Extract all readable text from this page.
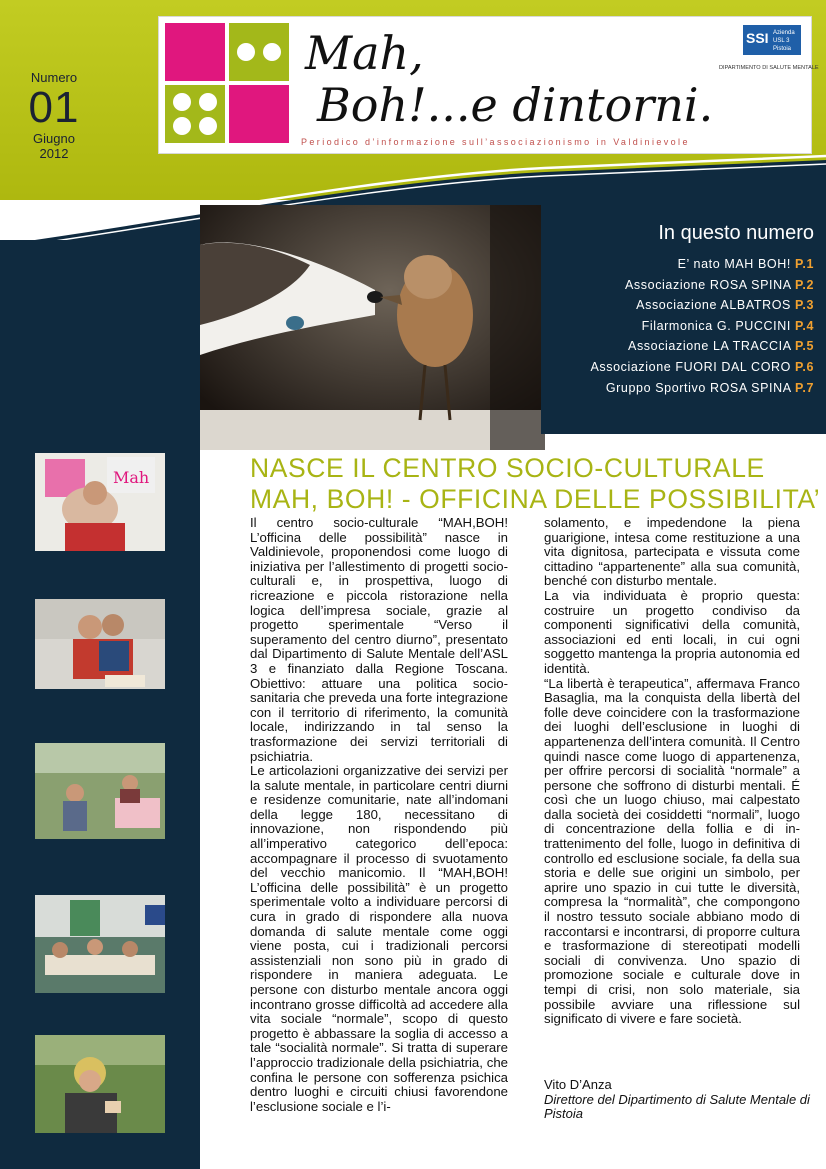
Numero
01
Giugno
2012
Mah,
Boh!...e dintorni.
Periodico d’informazione sull’associazionismo in Valdinievole
SSI Azienda
USL 3
Pistoia
DIPARTIMENTO DI SALUTE MENTALE
In questo numero
E’ nato MAH BOH! P.1
Associazione ROSA SPINA P.2
Associazione ALBATROS P.3
Filarmonica G. PUCCINI P.4
Associazione LA TRACCIA P.5
Associazione FUORI DAL CORO P.6
Gruppo Sportivo ROSA SPINA P.7
Mah	NASCE IL CENTRO SOCIO-CULTURALE
MAH, BOH! - OFFICINA DELLE POSSIBILITA’

Il centro socio-culturale “MAH,BOH! L’officina delle possibilità” nasce in Valdinievole, proponendosi come luogo di iniziativa per l’allestimento di progetti socio-culturali e, in prospettiva, luogo di ricreazione e piccola ristorazione nella logica dell’impresa sociale, grazie al progetto sperimentale “Verso il superamento del centro diurno”, presentato dal Dipartimento di Salute Mentale dell’ASL 3 e finanziato dalla Regione Toscana. Obiettivo: attuare una politica socio-sanitaria che preveda una forte integrazione con il territorio di riferimento, la comunità locale, indirizzando in tal senso la trasformazione dei servizi territoriali di psichiatria.

Le articolazioni organizzative dei servizi per la salute mentale, in particolare centri diurni e residenze comunitarie, nate all’indomani della legge 180, necessitano di innovazione, non rispondendo più all’imperativo categorico dell’epoca: accompagnare il processo di svuotamento del vecchio manicomio. Il “MAH,BOH! L’officina delle possibilità” è un progetto sperimentale volto a individuare percorsi di cura in grado di rispondere alla nuova domanda di salute mentale come oggi viene posta, cui i tradizionali percorsi assistenziali non sono più in grado di rispondere in maniera adeguata. Le persone con disturbo mentale ancora oggi incontrano grosse difficoltà ad accedere alla vita sociale “normale”, scopo di questo progetto è abbassare la soglia di accesso a tale “socialità normale”. Si tratta di superare l’approccio tradizionale della psichiatria, che confina le persone con sofferenza psichica dentro luoghi e circuiti chiusi favorendone l’esclusione sociale e l’i-

solamento, e impedendone la piena guarigione, intesa come restituzione a una vita dignitosa, partecipata e vissuta come cittadino “appartenente” alla sua comunità, benché con disturbo mentale.

La via individuata è proprio questa: costruire un progetto condiviso da componenti significativi della comunità, associazioni ed enti locali, in cui ogni soggetto mantenga la propria autonomia ed identità.

“La libertà è terapeutica”, affermava Franco Basaglia, ma la conquista della libertà del folle deve coincidere con la trasformazione dei luoghi dell’esclusione in luoghi di appartenenza dell’intera comunità. Il Centro quindi nasce come luogo di appartenenza, per offrire percorsi di socialità “normale” a persone che soffrono di disturbi mentali. É così che un luogo chiuso, mai calpestato dalla società dei cosiddetti “normali”, luogo di concentrazione della follia e di in-trattenimento del folle, luogo in definitiva di controllo ed esclusione sociale, fa della sua storia e delle sue origini un simbolo, per aprire uno spazio in cui tutte le diversità, compresa la “normalità”, che compongono il nostro tessuto sociale abbiano modo di raccontarsi e incontrarsi, di proporre cultura e trasformazione di stereotipati modelli sociali di convivenza. Uno spazio di promozione sociale e culturale dove in tempi di crisi, non solo materiale, sia possibile avviare una riflessione sul significato di vivere e fare società.

Vito D’Anza
Direttore del Dipartimento di Salute Mentale di Pistoia
